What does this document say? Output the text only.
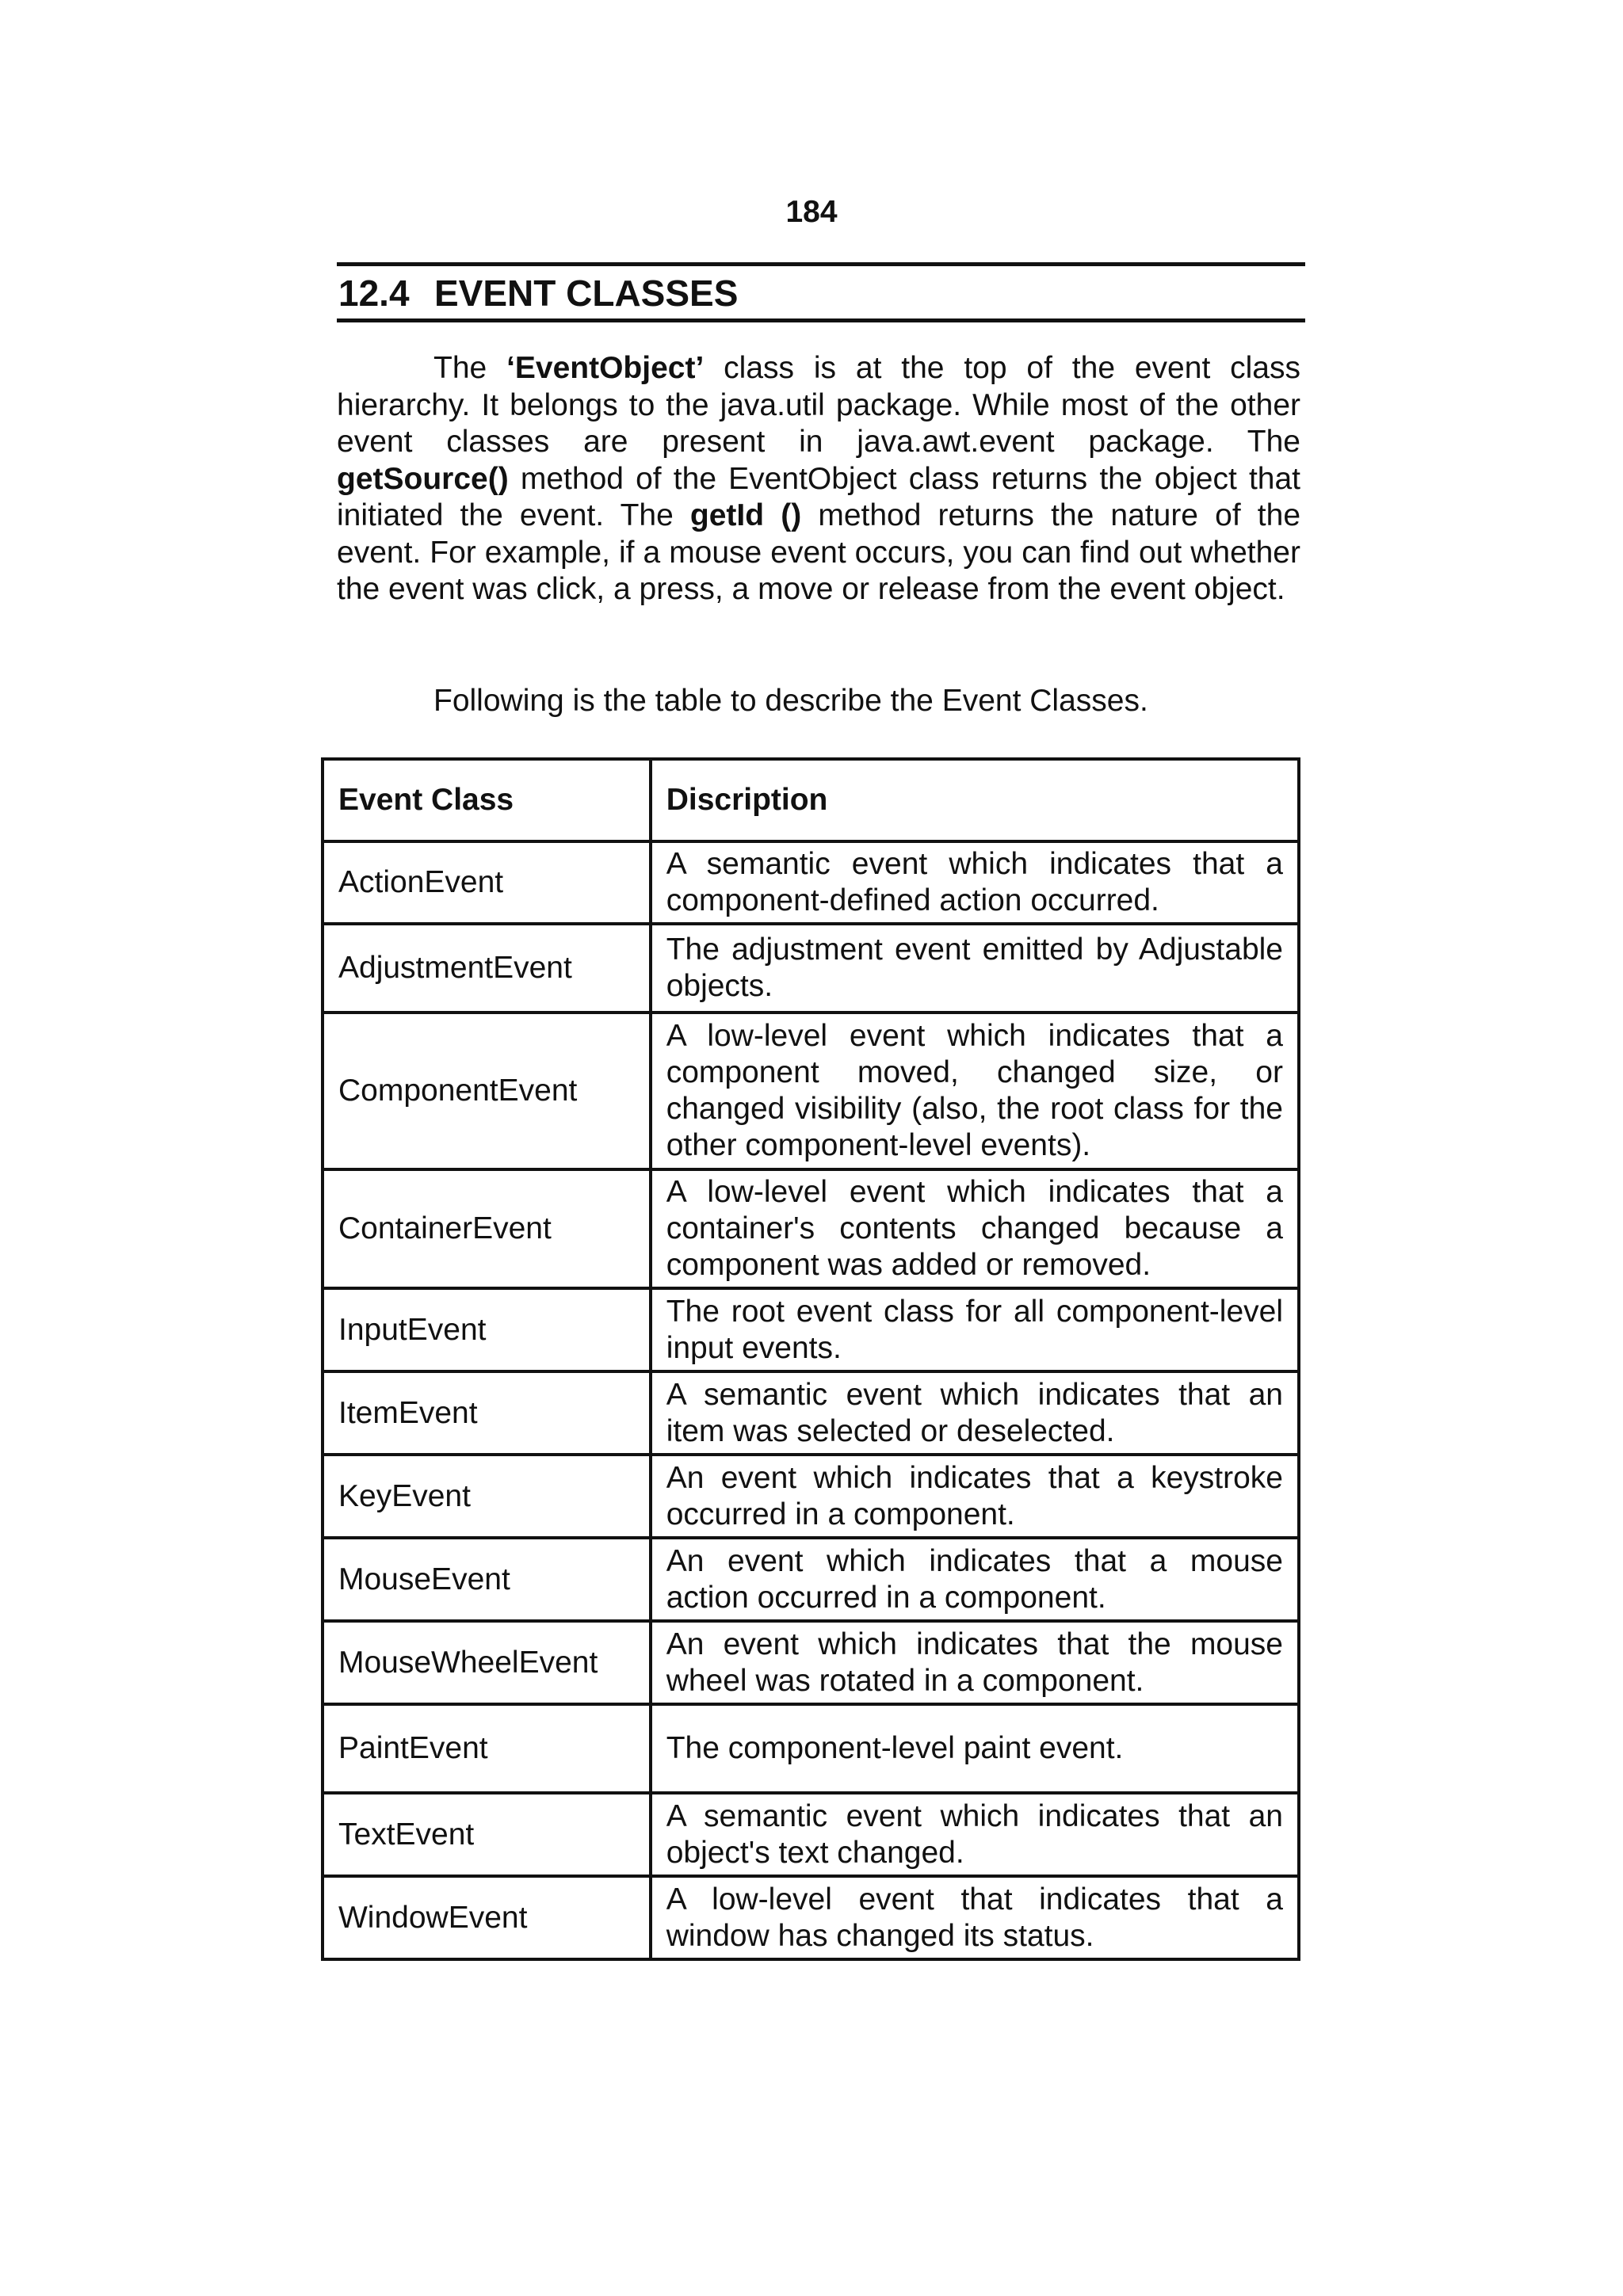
184
12.4 EVENT CLASSES
The ‘EventObject’ class is at the top of the event class hierarchy. It belongs to the java.util package. While most of the other event classes are present in java.awt.event package. The getSource() method of the EventObject class returns the object that initiated the event. The getId () method returns the nature of the event. For example, if a mouse event occurs, you can find out whether the event was click, a press, a move or release from the event object.
Following is the table to describe the Event Classes.
Event Class	Discription
ActionEvent	A semantic event which indicates that a component-defined action occurred.
AdjustmentEvent	The adjustment event emitted by Adjustable objects.
ComponentEvent	A low-level event which indicates that a component moved, changed size, or changed visibility (also, the root class for the other component-level events).
ContainerEvent	A low-level event which indicates that a container's contents changed because a component was added or removed.
InputEvent	The root event class for all component-level input events.
ItemEvent	A semantic event which indicates that an item was selected or deselected.
KeyEvent	An event which indicates that a keystroke occurred in a component.
MouseEvent	An event which indicates that a mouse action occurred in a component.
MouseWheelEvent	An event which indicates that the mouse wheel was rotated in a component.
PaintEvent	The component-level paint event.
TextEvent	A semantic event which indicates that an object's text changed.
WindowEvent	A low-level event that indicates that a window has changed its status.
